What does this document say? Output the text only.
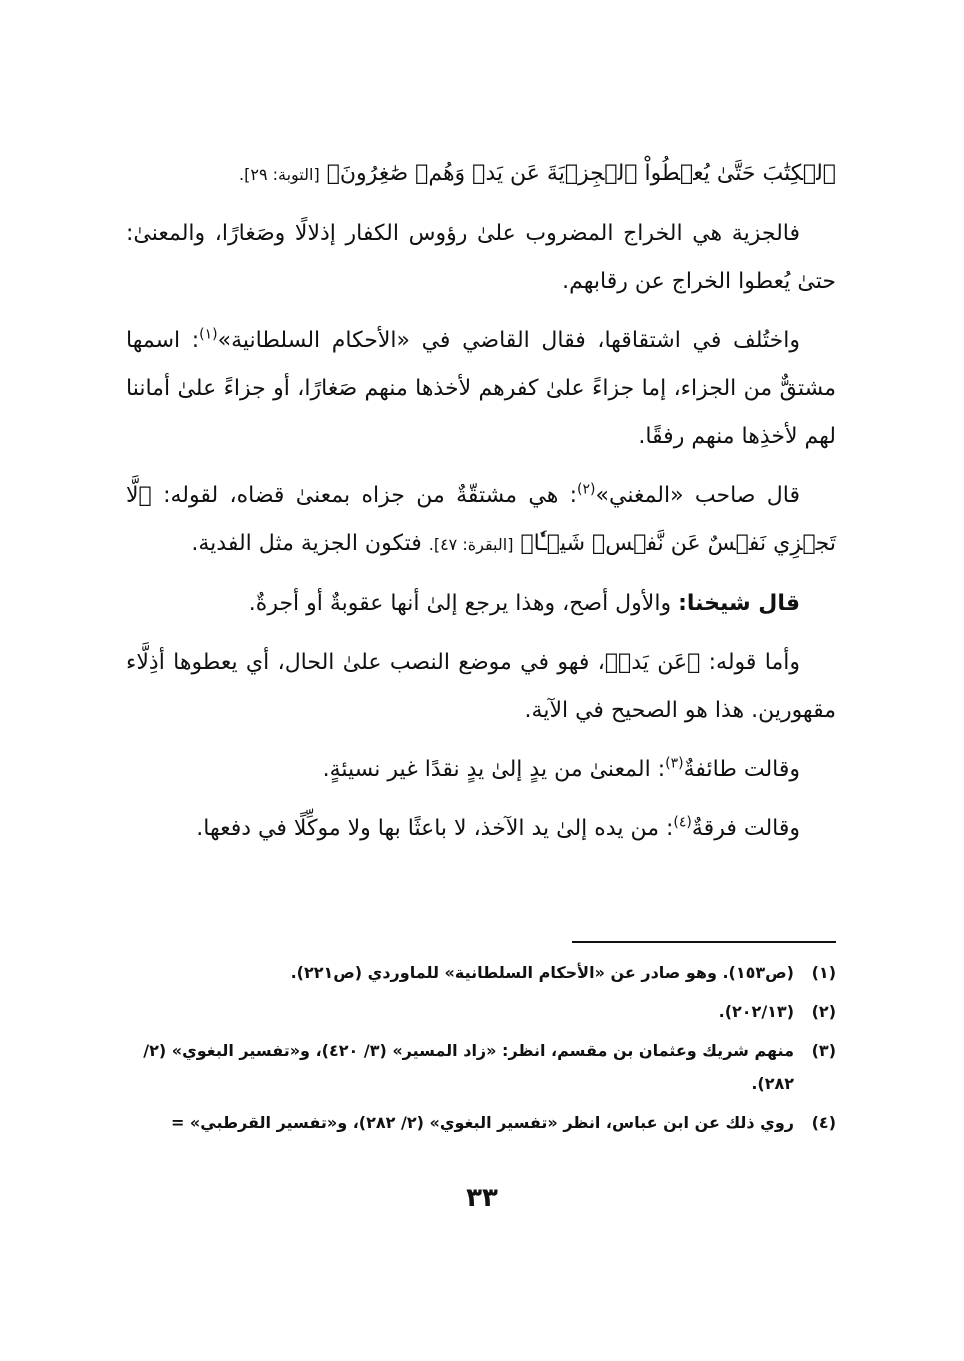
ﭐلۡكِتَٰبَ حَتَّىٰ يُعۡطُواْ ٱلۡجِزۡيَةَ عَن يَدٖ وَهُمۡ صَٰغِرُونَ﴾ [التوبة: ٢٩].

فالجزية هي الخراج المضروب علىٰ رؤوس الكفار إذلالًا وصَغارًا، والمعنىٰ: حتىٰ يُعطوا الخراج عن رقابهم.

واختُلف في اشتقاقها، فقال القاضي في «الأحكام السلطانية»$^{(١)}$: اسمها مشتقٌّ من الجزاء، إما جزاءً علىٰ كفرهم لأخذها منهم صَغارًا، أو جزاءً علىٰ أماننا لهم لأخذِها منهم رفقًا.

قال صاحب «المغني»$^{(٢)}$: هي مشتقّةٌ من جزاه بمعنىٰ قضاه، لقوله: ﴿لَّا تَجۡزِي نَفۡسٌ عَن نَّفۡسٖ شَيۡـٔٗا﴾ [البقرة: ٤٧]. فتكون الجزية مثل الفدية.

قال شيخنا: والأول أصح، وهذا يرجع إلىٰ أنها عقوبةٌ أو أجرةٌ.

وأما قوله: ﴿عَن يَدٖ﴾، فهو في موضع النصب علىٰ الحال، أي يعطوها أذِلَّاء مقهورين. هذا هو الصحيح في الآية.

وقالت طائفةٌ$^{(٣)}$: المعنىٰ من يدٍ إلىٰ يدٍ نقدًا غير نسيئةٍ.

وقالت فرقةٌ$^{(٤)}$: من يده إلىٰ يد الآخذ، لا باعثًا بها ولا موكِّلًا في دفعها.

(١)
(ص١٥٣). وهو صادر عن «الأحكام السلطانية» للماوردي (ص٢٢١).
(٢)
(٢٠٢/١٣).
(٣)
منهم شريك وعثمان بن مقسم، انظر: «زاد المسير» (٣/ ٤٢٠)، و«تفسير البغوي» (٢/ ٢٨٢).
(٤)
روي ذلك عن ابن عباس، انظر «تفسير البغوي» (٢/ ٢٨٢)، و«تفسير القرطبي» =
٣٣
